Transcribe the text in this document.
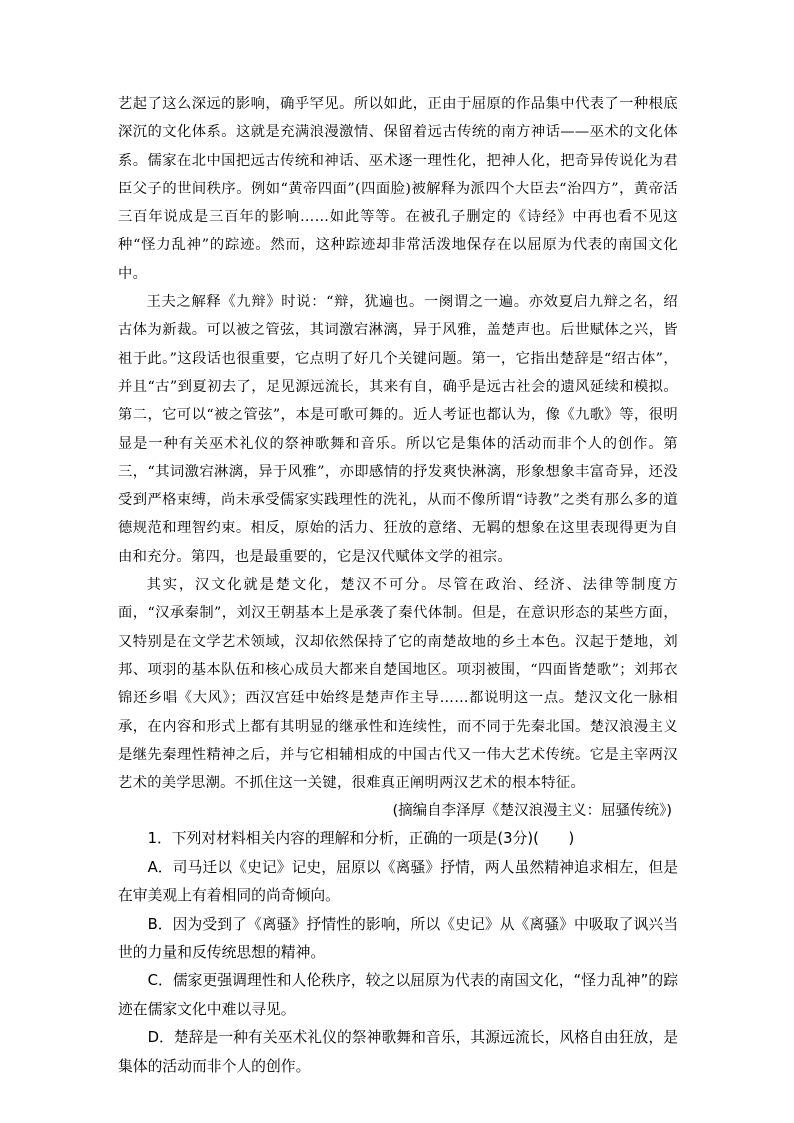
艺起了这么深远的影响，确乎罕见。所以如此，正由于屈原的作品集中代表了一种根底深沉的文化体系。这就是充满浪漫激情、保留着远古传统的南方神话——巫术的文化体系。儒家在北中国把远古传统和神话、巫术逐一理性化，把神人化，把奇异传说化为君臣父子的世间秩序。例如“黄帝四面”(四面脸)被解释为派四个大臣去“治四方”，黄帝活三百年说成是三百年的影响……如此等等。在被孔子删定的《诗经》中再也看不见这种“怪力乱神”的踪迹。然而，这种踪迹却非常活泼地保存在以屈原为代表的南国文化中。

王夫之解释《九辩》时说：“辩，犹遍也。一阕谓之一遍。亦效夏启九辩之名，绍古体为新裁。可以被之管弦，其词激宕淋漓，异于风雅，盖楚声也。后世赋体之兴，皆祖于此。”这段话也很重要，它点明了好几个关键问题。第一，它指出楚辞是“绍古体”，并且“古”到夏初去了，足见源远流长，其来有自，确乎是远古社会的遗风延续和模拟。第二，它可以“被之管弦”，本是可歌可舞的。近人考证也都认为，像《九歌》等，很明显是一种有关巫术礼仪的祭神歌舞和音乐。所以它是集体的活动而非个人的创作。第三，“其词激宕淋漓，异于风雅”，亦即感情的抒发爽快淋漓，形象想象丰富奇异，还没受到严格束缚，尚未承受儒家实践理性的洗礼，从而不像所谓“诗教”之类有那么多的道德规范和理智约束。相反，原始的活力、狂放的意绪、无羁的想象在这里表现得更为自由和充分。第四，也是最重要的，它是汉代赋体文学的祖宗。

其实，汉文化就是楚文化，楚汉不可分。尽管在政治、经济、法律等制度方面，“汉承秦制”，刘汉王朝基本上是承袭了秦代体制。但是，在意识形态的某些方面，又特别是在文学艺术领域，汉却依然保持了它的南楚故地的乡土本色。汉起于楚地，刘邦、项羽的基本队伍和核心成员大都来自楚国地区。项羽被围，“四面皆楚歌”；刘邦衣锦还乡唱《大风》；西汉宫廷中始终是楚声作主导……都说明这一点。楚汉文化一脉相承，在内容和形式上都有其明显的继承性和连续性，而不同于先秦北国。楚汉浪漫主义是继先秦理性精神之后，并与它相辅相成的中国古代又一伟大艺术传统。它是主宰两汉艺术的美学思潮。不抓住这一关键，很难真正阐明两汉艺术的根本特征。

(摘编自李泽厚《楚汉浪漫主义：屈骚传统》)

1．下列对材料相关内容的理解和分析，正确的一项是(3分)(　　)

A．司马迁以《史记》记史，屈原以《离骚》抒情，两人虽然精神追求相左，但是在审美观上有着相同的尚奇倾向。

B．因为受到了《离骚》抒情性的影响，所以《史记》从《离骚》中吸取了讽兴当世的力量和反传统思想的精神。

C．儒家更强调理性和人伦秩序，较之以屈原为代表的南国文化，“怪力乱神”的踪迹在儒家文化中难以寻见。

D．楚辞是一种有关巫术礼仪的祭神歌舞和音乐，其源远流长，风格自由狂放，是集体的活动而非个人的创作。
